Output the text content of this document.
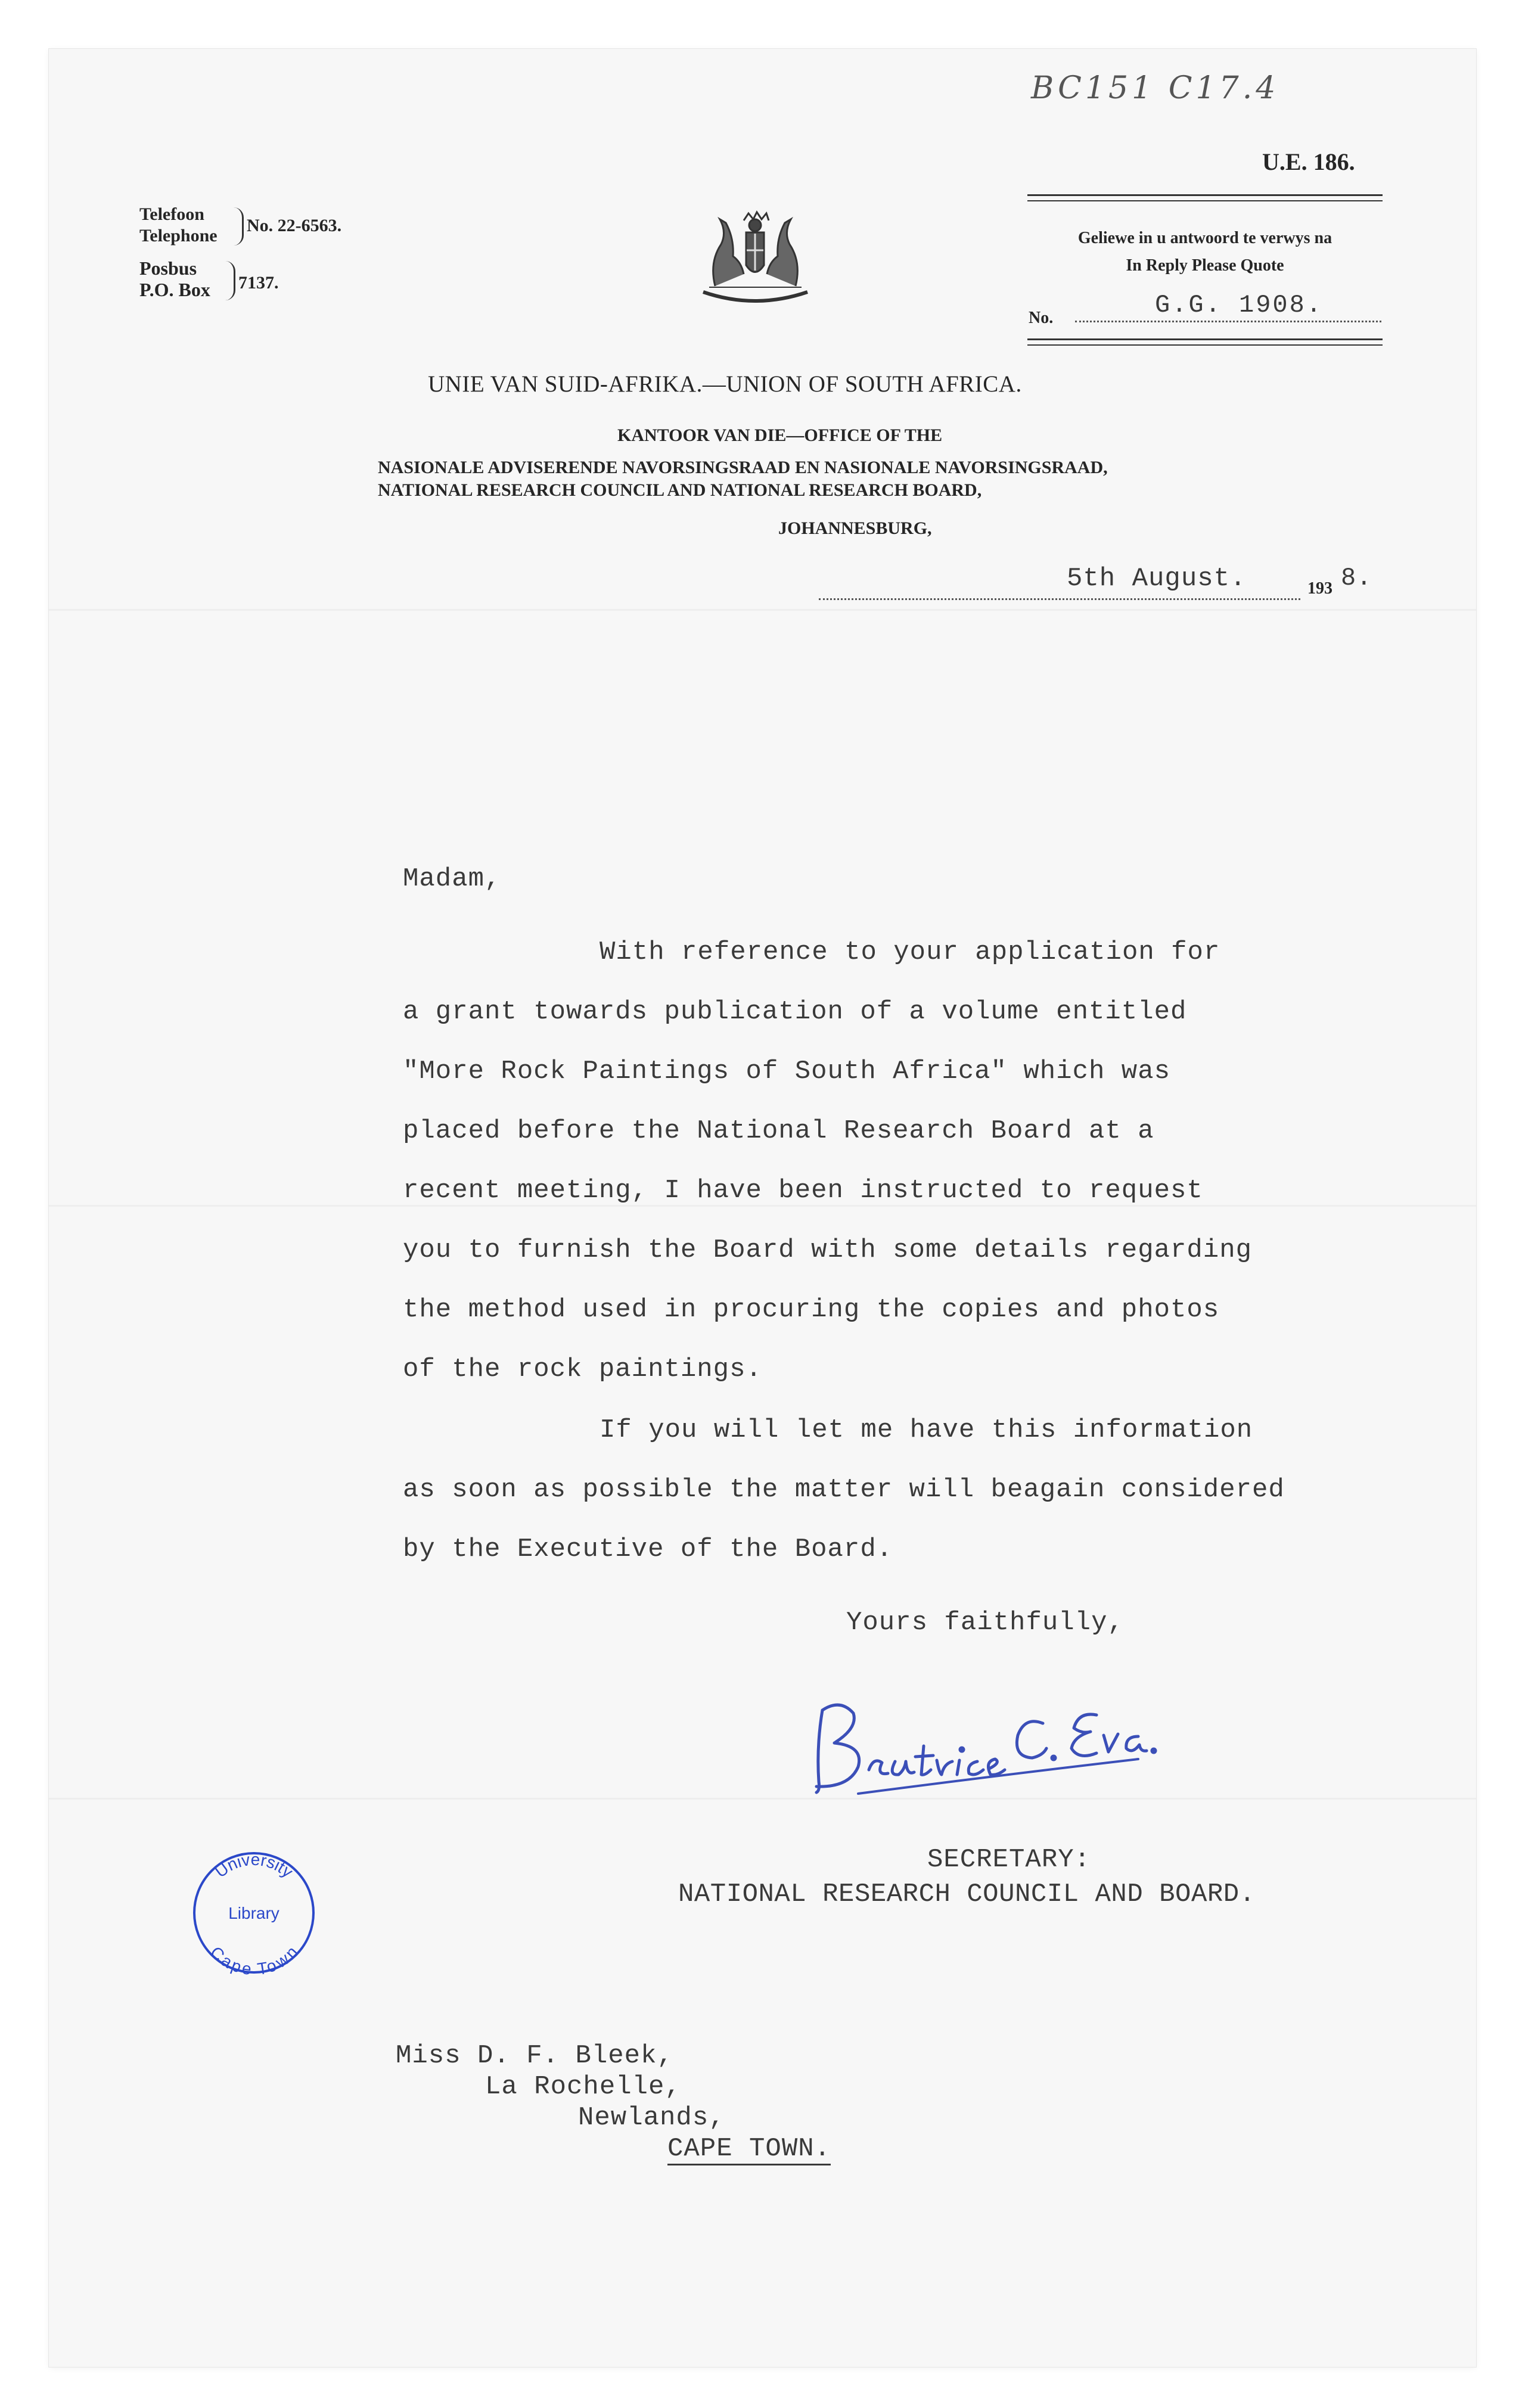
BC151 C17.4
U.E. 186.
Telefoon
Telephone
No. 22-6563.
Posbus
P.O. Box 7137.
Geliewe in u antwoord te verwys na
In Reply Please Quote
No.	G.G. 1908.
UNIE VAN SUID-AFRIKA.—UNION OF SOUTH AFRICA.
KANTOOR VAN DIE—OFFICE OF THE
NASIONALE ADVISERENDE NAVORSINGSRAAD EN NASIONALE NAVORSINGSRAAD,
NATIONAL RESEARCH COUNCIL AND NATIONAL RESEARCH BOARD,
JOHANNESBURG,
5th August.	193 8.
Madam,
With reference to your application for
a grant towards publication of a volume entitled
"More Rock Paintings of South Africa" which was
placed before the National Research Board at a
recent meeting, I have been instructed to request
you to furnish the Board with some details regarding
the method used in procuring the copies and photos
of the rock paintings.
If you will let me have this information
as soon as possible the matter will beagain considered
by the Executive of the Board.
Yours faithfully,
SECRETARY:
NATIONAL RESEARCH COUNCIL AND BOARD.
University
Library
Cape Town
Miss D. F. Bleek,
La Rochelle,
Newlands,
CAPE TOWN.
